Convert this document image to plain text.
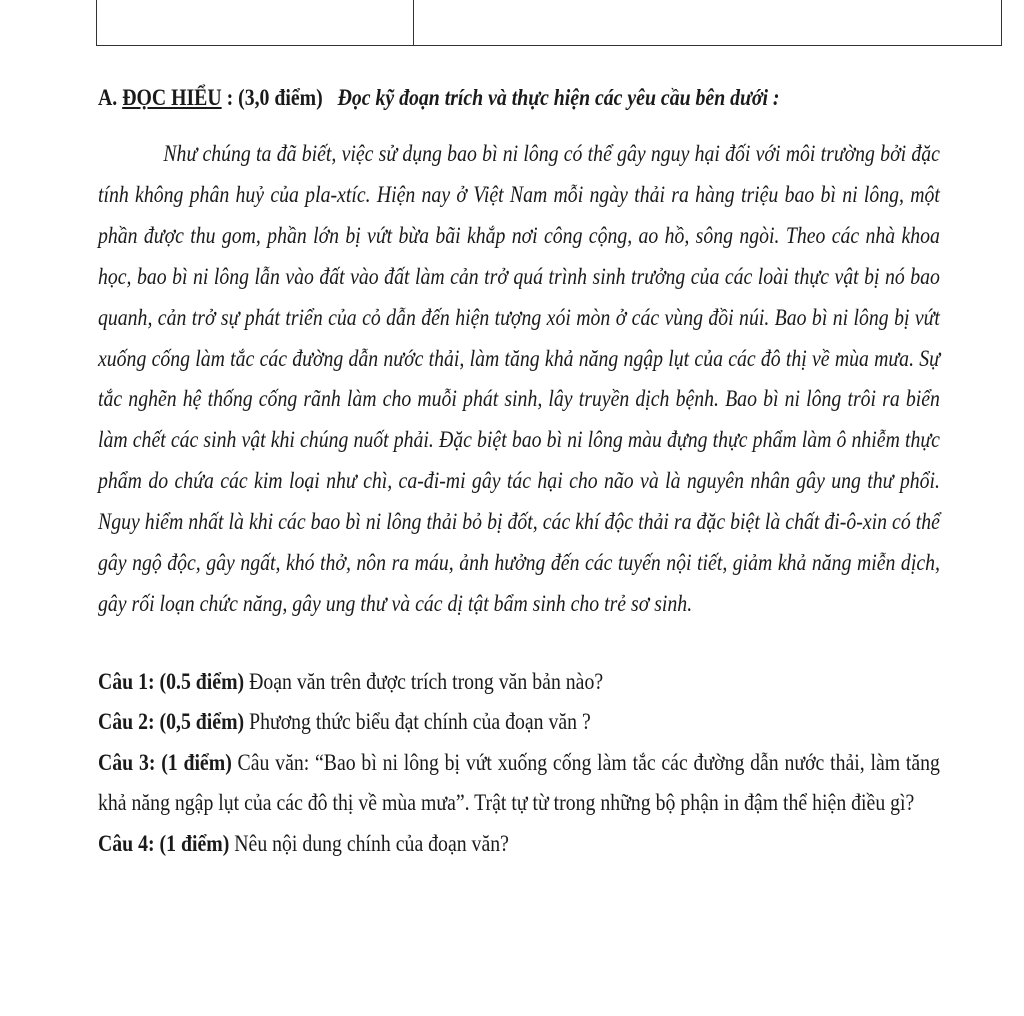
A. ĐỌC HIỂU : (3,0 điểm) Đọc kỹ đoạn trích và thực hiện các yêu cầu bên dưới :

Như chúng ta đã biết, việc sử dụng bao bì ni lông có thể gây nguy hại đối với môi trường bởi đặc tính không phân huỷ của pla-xtíc. Hiện nay ở Việt Nam mỗi ngày thải ra hàng triệu bao bì ni lông, một phần được thu gom, phần lớn bị vứt bừa bãi khắp nơi công cộng, ao hồ, sông ngòi. Theo các nhà khoa học, bao bì ni lông lẫn vào đất vào đất làm cản trở quá trình sinh trưởng của các loài thực vật bị nó bao quanh, cản trở sự phát triển của cỏ dẫn đến hiện tượng xói mòn ở các vùng đồi núi. Bao bì ni lông bị vứt xuống cống làm tắc các đường dẫn nước thải, làm tăng khả năng ngập lụt của các đô thị về mùa mưa. Sự tắc nghẽn hệ thống cống rãnh làm cho muỗi phát sinh, lây truyền dịch bệnh. Bao bì ni lông trôi ra biển làm chết các sinh vật khi chúng nuốt phải. Đặc biệt bao bì ni lông màu đựng thực phẩm làm ô nhiễm thực phẩm do chứa các kim loại như chì, ca-đi-mi gây tác hại cho não và là nguyên nhân gây ung thư phổi. Nguy hiểm nhất là khi các bao bì ni lông thải bỏ bị đốt, các khí độc thải ra đặc biệt là chất đi-ô-xin có thể gây ngộ độc, gây ngất, khó thở, nôn ra máu, ảnh hưởng đến các tuyến nội tiết, giảm khả năng miễn dịch, gây rối loạn chức năng, gây ung thư và các dị tật bẩm sinh cho trẻ sơ sinh.

Câu 1: (0.5 điểm) Đoạn văn trên được trích trong văn bản nào?

Câu 2: (0,5 điểm) Phương thức biểu đạt chính của đoạn văn ?

Câu 3: (1 điểm) Câu văn: “Bao bì ni lông bị vứt xuống cống làm tắc các đường dẫn nước thải, làm tăng khả năng ngập lụt của các đô thị về mùa mưa”. Trật tự từ trong những bộ phận in đậm thể hiện điều gì?

Câu 4: (1 điểm) Nêu nội dung chính của đoạn văn?
